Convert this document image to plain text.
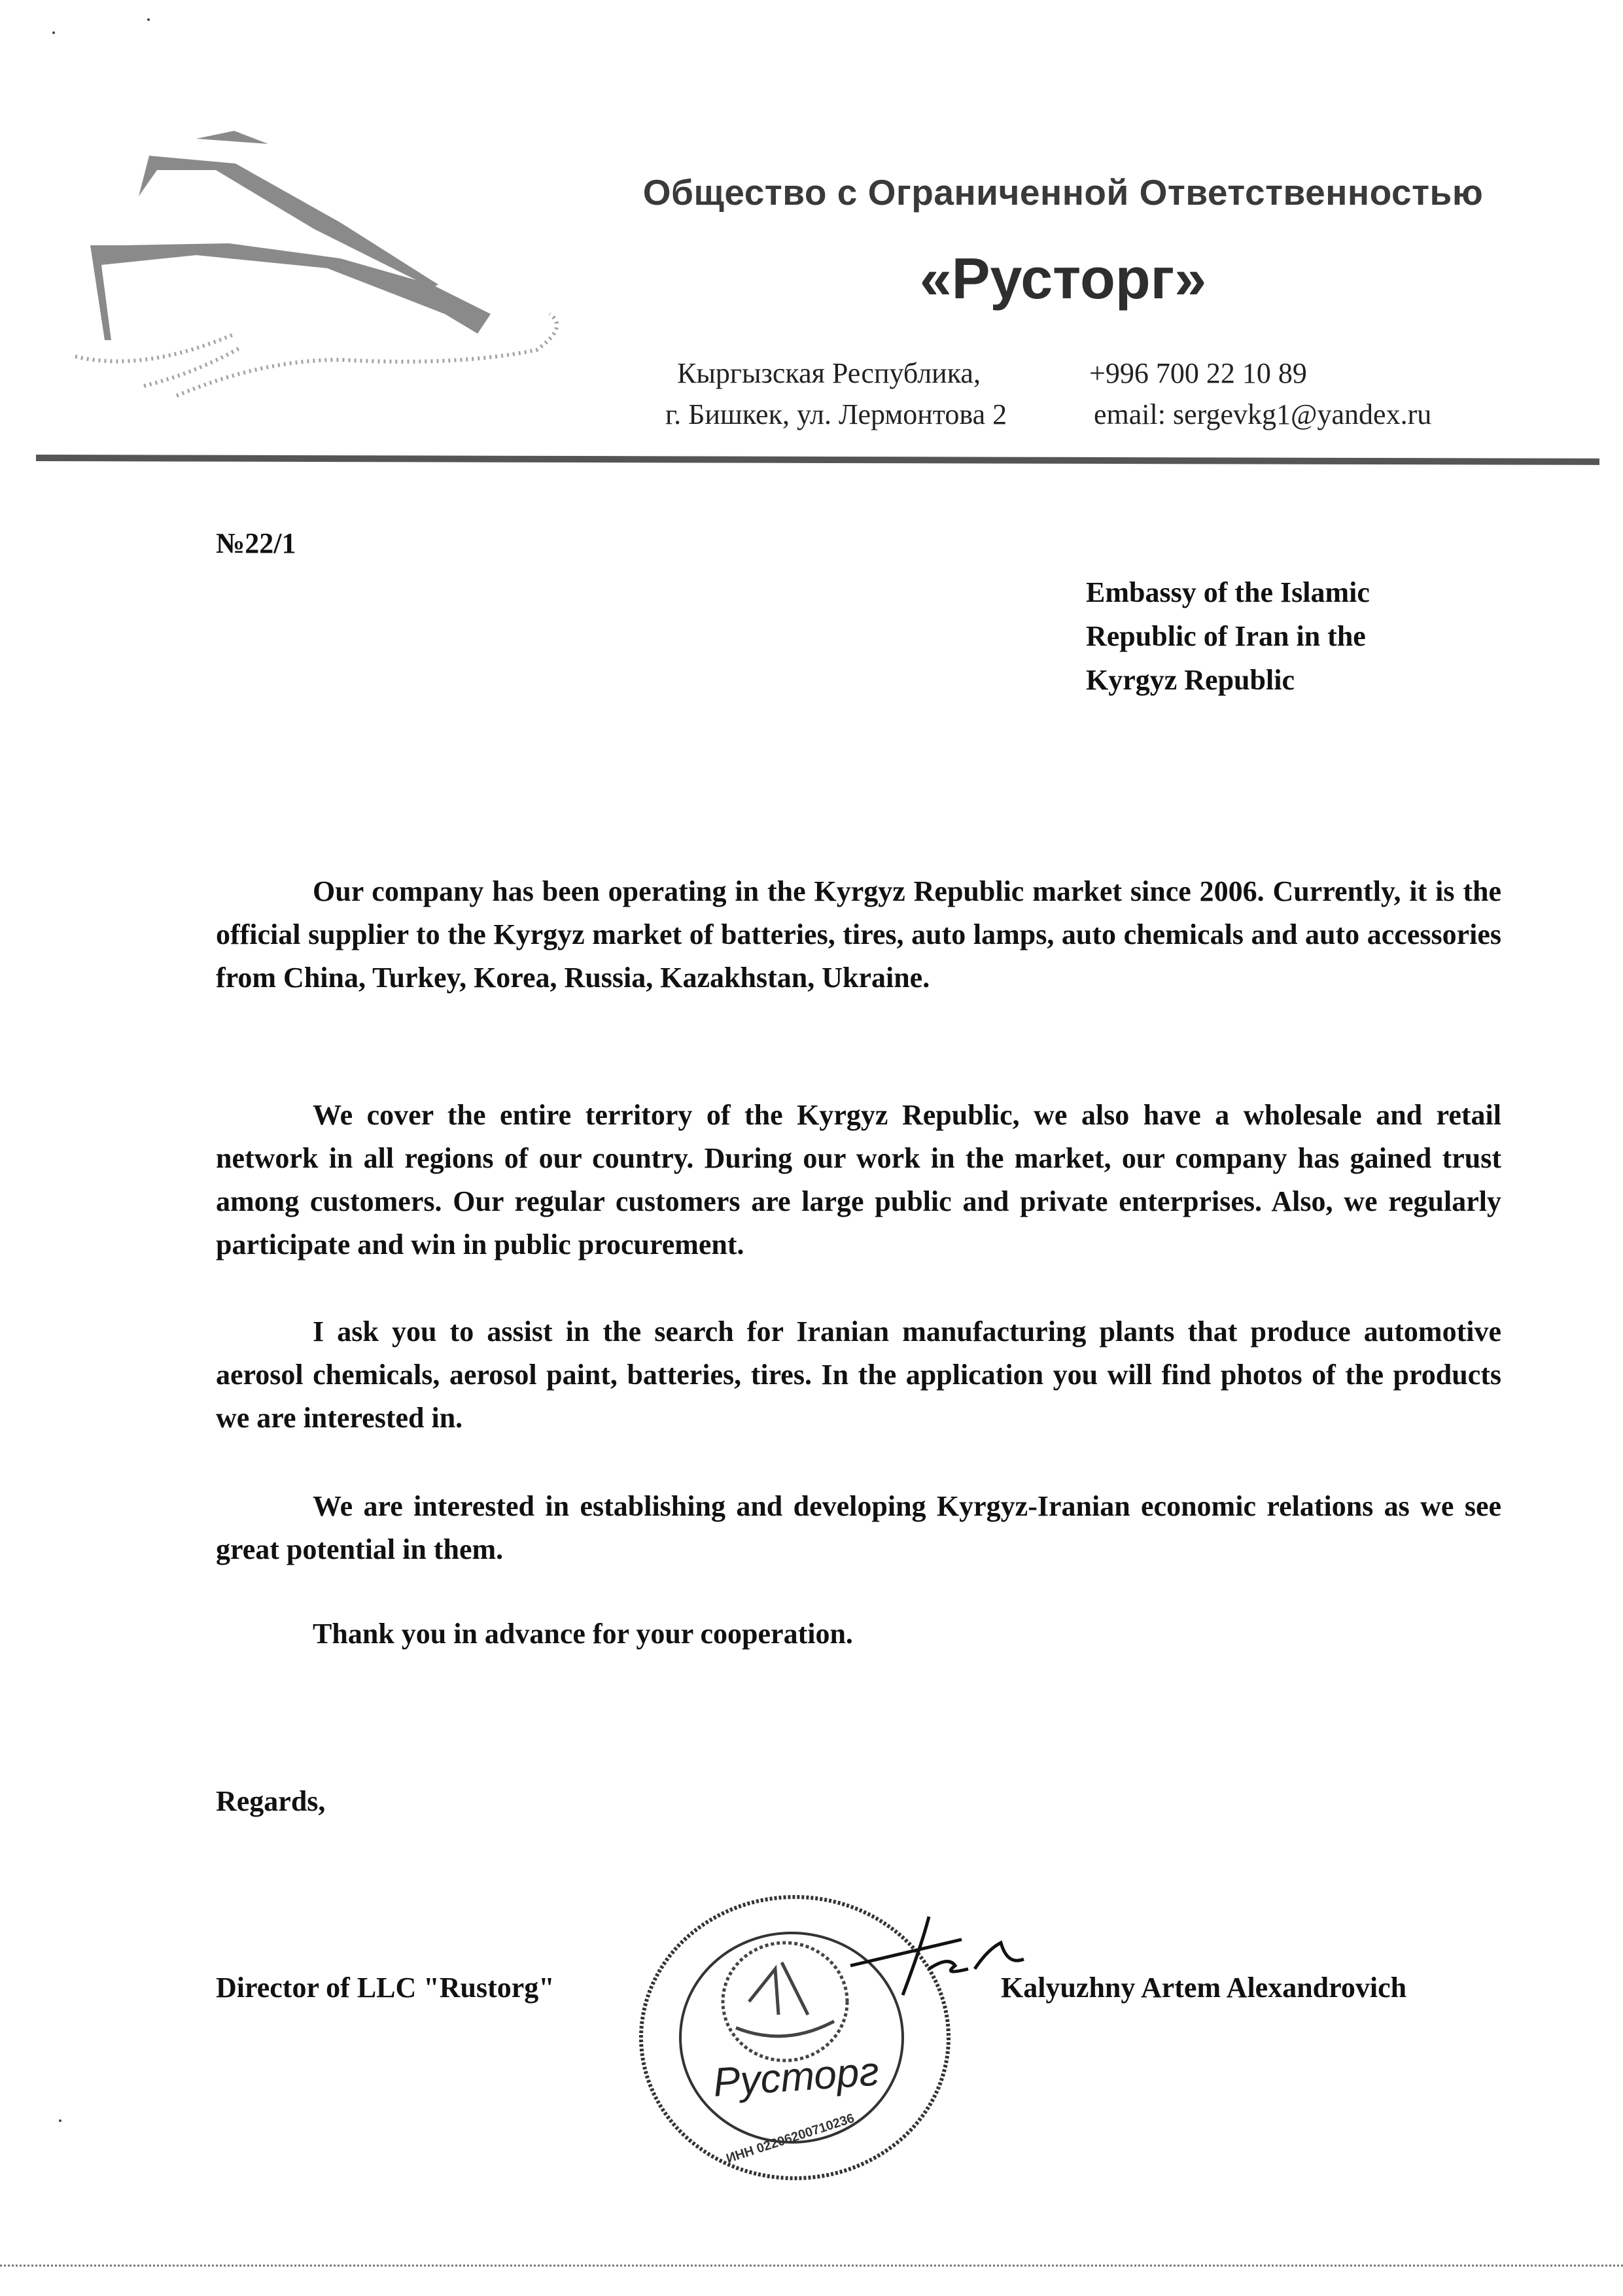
Общество с Ограниченной Ответственностью
«Русторг»
Кыргызская Республика,
г. Бишкек, ул. Лермонтова 2
+996 700 22 10 89
email: sergevkg1@yandex.ru
№22/1
Embassy of the Islamic
Republic of Iran in the
Kyrgyz Republic

Our company has been operating in the Kyrgyz Republic market since 2006. Currently, it is the official supplier to the Kyrgyz market of batteries, tires, auto lamps, auto chemicals and auto accessories from China, Turkey, Korea, Russia, Kazakhstan, Ukraine.

We cover the entire territory of the Kyrgyz Republic, we also have a wholesale and retail network in all regions of our country. During our work in the market, our company has gained trust among customers. Our regular customers are large public and private enterprises. Also, we regularly participate and win in public procurement.

I ask you to assist in the search for Iranian manufacturing plants that produce automotive aerosol chemicals, aerosol paint, batteries, tires. In the application you will find photos of the products we are interested in.

We are interested in establishing and developing Kyrgyz-Iranian economic relations as we see great potential in them.

Thank you in advance for your cooperation.

Regards,
Director of LLC "Rustorg"	Kalyuzhny Artem Alexandrovich
ИНН 02206200710236
Русторг
